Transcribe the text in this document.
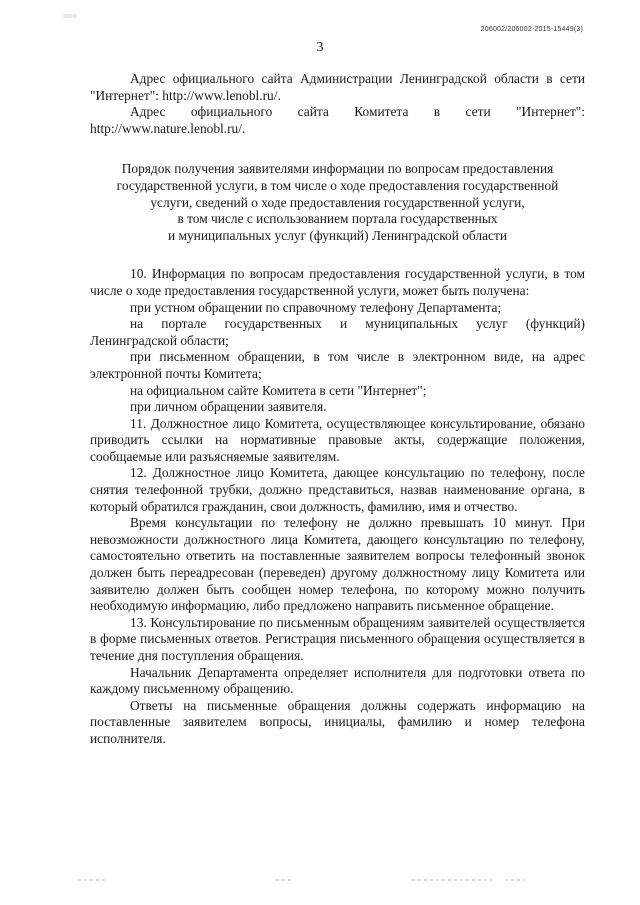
206002/206002-2015-15449(3)
3

Адрес официального сайта Администрации Ленинградской области в сети "Интернет": http://www.lenobl.ru/.

Адрес официального сайта Комитета в сети "Интернет": http://www.nature.lenobl.ru/.

Порядок получения заявителями информации по вопросам предоставления
государственной услуги, в том числе о ходе предоставления государственной
услуги, сведений о ходе предоставления государственной услуги,
в том числе с использованием портала государственных
и муниципальных услуг (функций) Ленинградской области

10. Информация по вопросам предоставления государственной услуги, в том числе о ходе предоставления государственной услуги, может быть получена:

при устном обращении по справочному телефону Департамента;

на портале государственных и муниципальных услуг (функций) Ленинградской области;

при письменном обращении, в том числе в электронном виде, на адрес электронной почты Комитета;

на официальном сайте Комитета в сети "Интернет";

при личном обращении заявителя.

11. Должностное лицо Комитета, осуществляющее консультирование, обязано приводить ссылки на нормативные правовые акты, содержащие положения, сообщаемые или разъясняемые заявителям.

12. Должностное лицо Комитета, дающее консультацию по телефону, после снятия телефонной трубки, должно представиться, назвав наименование органа, в который обратился гражданин, свои должность, фамилию, имя и отчество.

Время консультации по телефону не должно превышать 10 минут. При невозможности должностного лица Комитета, дающего консультацию по телефону, самостоятельно ответить на поставленные заявителем вопросы телефонный звонок должен быть переадресован (переведен) другому должностному лицу Комитета или заявителю должен быть сообщен номер телефона, по которому можно получить необходимую информацию, либо предложено направить письменное обращение.

13. Консультирование по письменным обращениям заявителей осуществляется в форме письменных ответов. Регистрация письменного обращения осуществляется в течение дня поступления обращения.

Начальник Департамента определяет исполнителя для подготовки ответа по каждому письменному обращению.

Ответы на письменные обращения должны содержать информацию на поставленные заявителем вопросы, инициалы, фамилию и номер телефона исполнителя.
